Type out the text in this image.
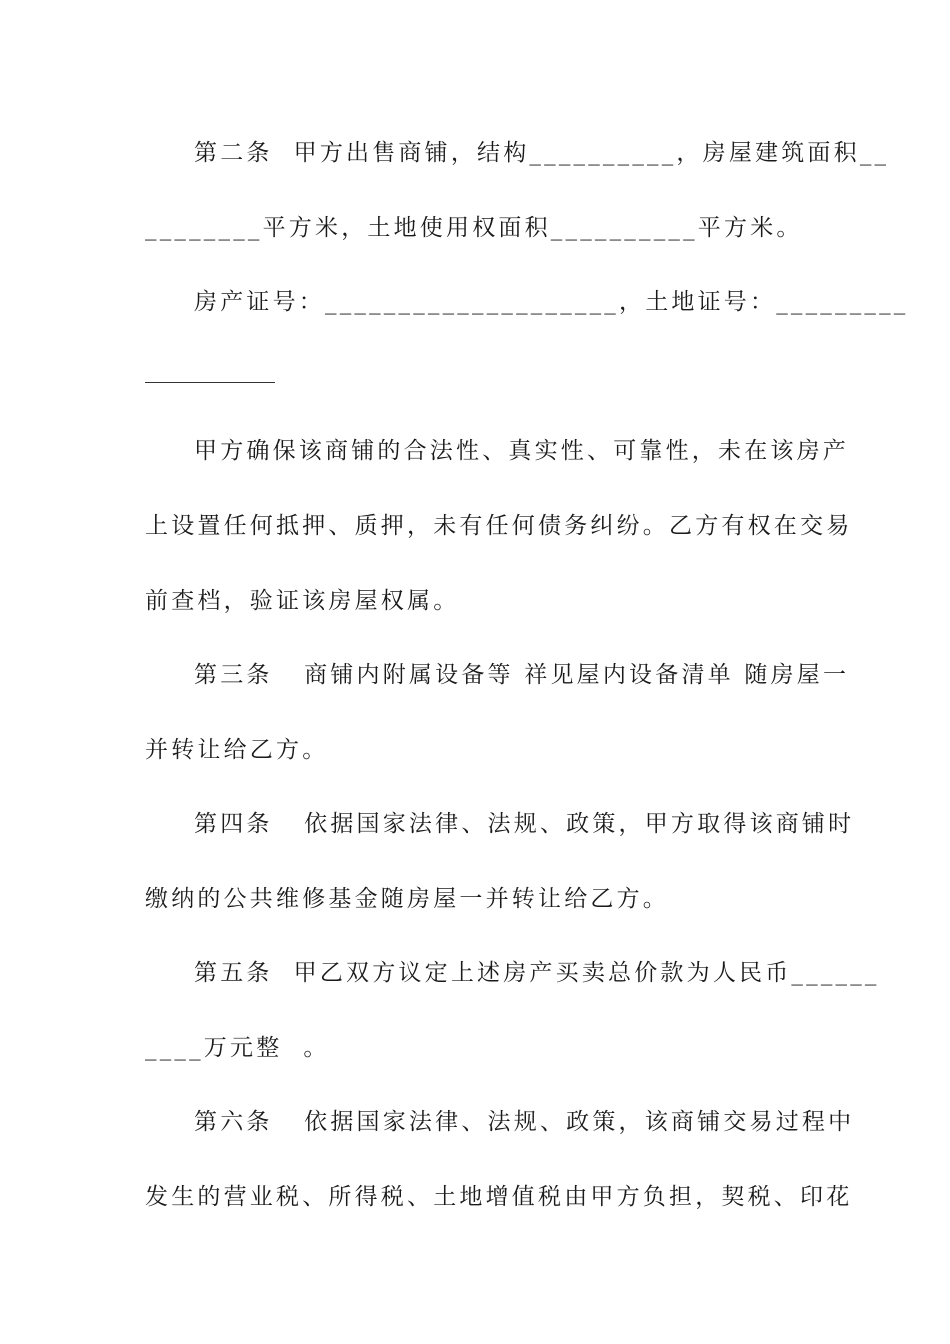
第二条  甲方出售商铺，结构__________，房屋建筑面积__
________平方米，土地使用权面积__________平方米。
房产证号：____________________，土地证号：_________
甲方确保该商铺的合法性、真实性、可靠性，未在该房产
上设置任何抵押、质押，未有任何债务纠纷。乙方有权在交易
前查档，验证该房屋权属。
第三条   商铺内附属设备等 祥见屋内设备清单 随房屋一
并转让给乙方。
第四条   依据国家法律、法规、政策，甲方取得该商铺时
缴纳的公共维修基金随房屋一并转让给乙方。
第五条  甲乙双方议定上述房产买卖总价款为人民币______
____万元整  。
第六条   依据国家法律、法规、政策，该商铺交易过程中
发生的营业税、所得税、土地增值税由甲方负担，契税、印花
